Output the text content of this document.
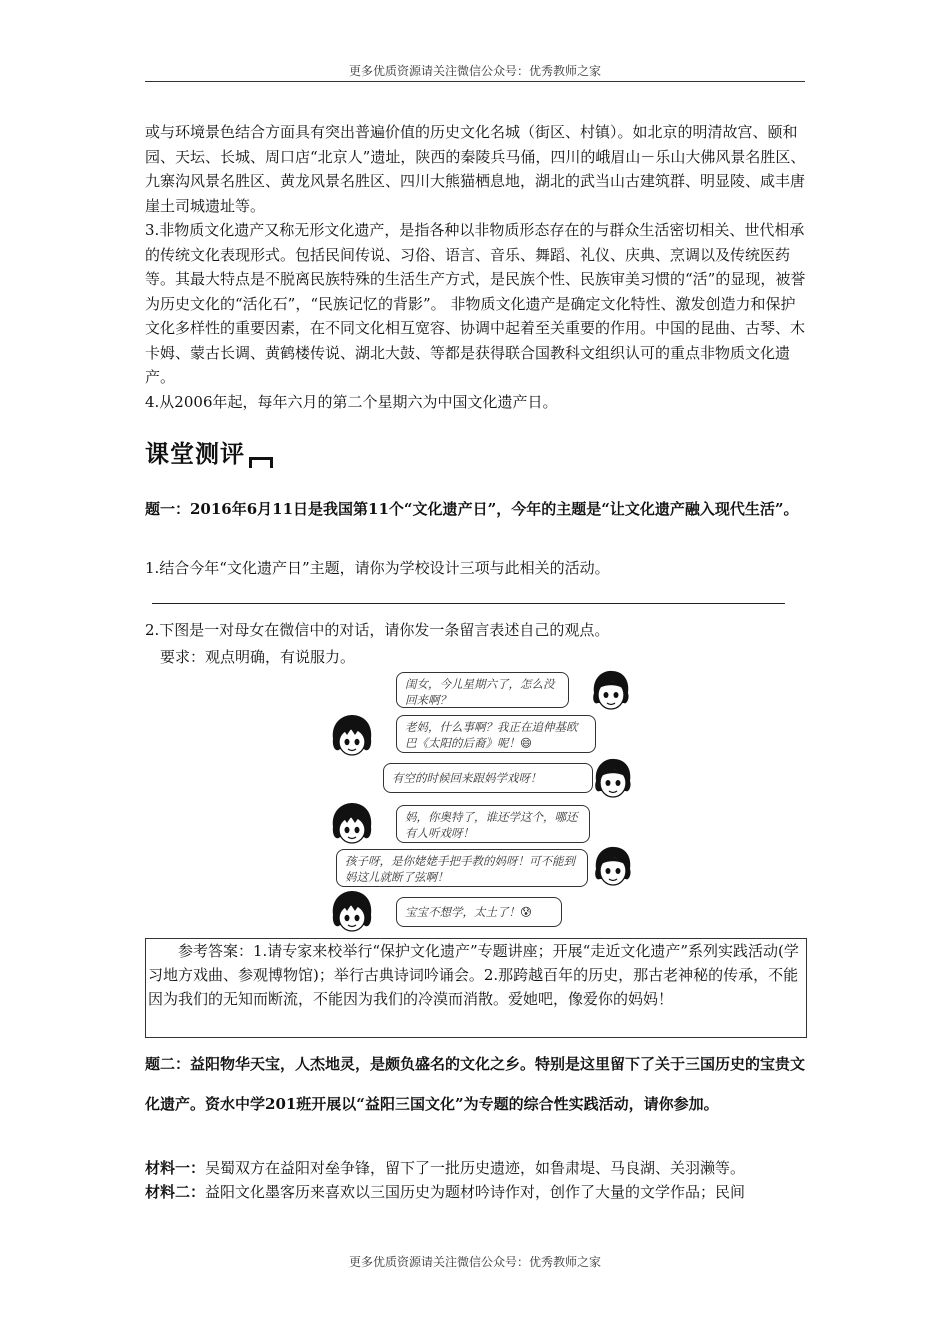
更多优质资源请关注微信公众号：优秀教师之家

或与环境景色结合方面具有突出普遍价值的历史文化名城（街区、村镇）。如北京的明清故宫、颐和园、天坛、长城、周口店“北京人”遗址，陕西的秦陵兵马俑，四川的峨眉山－乐山大佛风景名胜区、九寨沟风景名胜区、黄龙风景名胜区、四川大熊猫栖息地，湖北的武当山古建筑群、明显陵、咸丰唐崖土司城遗址等。

3.非物质文化遗产又称无形文化遗产，是指各种以非物质形态存在的与群众生活密切相关、世代相承的传统文化表现形式。包括民间传说、习俗、语言、音乐、舞蹈、礼仪、庆典、烹调以及传统医药等。其最大特点是不脱离民族特殊的生活生产方式，是民族个性、民族审美习惯的“活”的显现，被誉为历史文化的“活化石”，“民族记忆的背影”。 非物质文化遗产是确定文化特性、激发创造力和保护文化多样性的重要因素，在不同文化相互宽容、协调中起着至关重要的作用。中国的昆曲、古琴、木卡姆、蒙古长调、黄鹤楼传说、湖北大鼓、等都是获得联合国教科文组织认可的重点非物质文化遗产。

4.从2006年起，每年六月的第二个星期六为中国文化遗产日。

课堂测评
题一：2016年6月11日是我国第11个“文化遗产日”，今年的主题是“让文化遗产融入现代生活”。
1.结合今年“文化遗产日”主题，请你为学校设计三项与此相关的活动。
2.下图是一对母女在微信中的对话，请你发一条留言表述自己的观点。
要求：观点明确，有说服力。
闺女，今儿星期六了，怎么没回来啊？
老妈，什么事啊？我正在追伸基欧巴《太阳的后裔》呢！😄
有空的时候回来跟妈学戏呀！
妈，你奥特了，谁还学这个，哪还有人听戏呀！
孩子呀，是你姥姥手把手教的妈呀！可不能到妈这儿就断了弦啊！
宝宝不想学，太土了！😰

参考答案：1.请专家来校举行“保护文化遗产”专题讲座；开展“走近文化遗产”系列实践活动(学习地方戏曲、参观博物馆)；举行古典诗词吟诵会。2.那跨越百年的历史，那古老神秘的传承，不能因为我们的无知而断流，不能因为我们的冷漠而消散。爱她吧，像爱你的妈妈！

题二：益阳物华天宝，人杰地灵，是颇负盛名的文化之乡。特别是这里留下了关于三国历史的宝贵文化遗产。资水中学201班开展以“益阳三国文化”为专题的综合性实践活动，请你参加。
材料一：吴蜀双方在益阳对垒争锋，留下了一批历史遗迹，如鲁肃堤、马良湖、关羽濑等。
材料二：益阳文化墨客历来喜欢以三国历史为题材吟诗作对，创作了大量的文学作品；民间
更多优质资源请关注微信公众号：优秀教师之家
